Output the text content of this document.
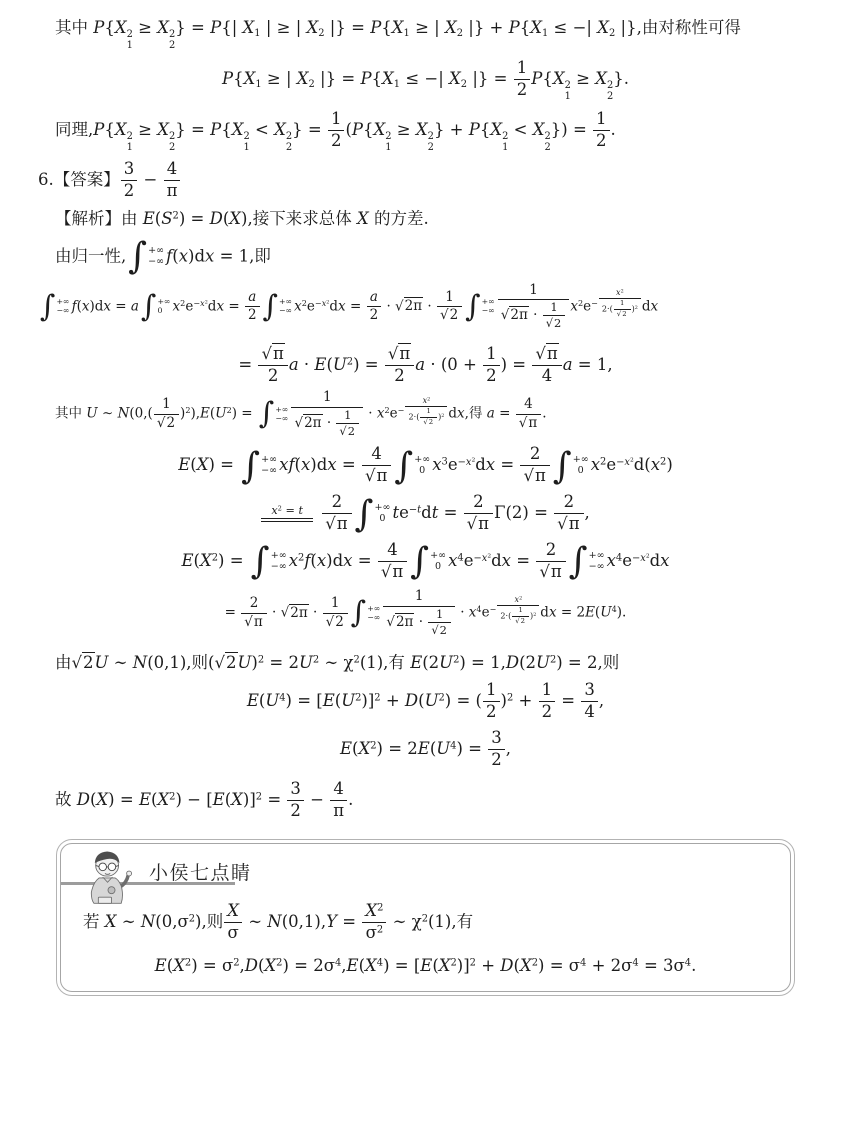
其中 P{X 2
1
≥ X 2
2
} = P{| $X_1$ | ≥ | $X_2$ |} = $P\{X_1$ ≥ | $X_2$ |} + $P\{X_1$ ≤ −| $X_2$ |},由对称性可得
$P\{X_1$ ≥ | $X_2$ |} = $P\{X_1$ ≤ −| $X_2$ |} = $\frac{1}{2} P\{X$ 2
1
≥ X 2
2
}.
同理,P{X 2
1
≥ X 2
2
} = P{X 2
1
< X 2
2
} = $\frac{1}{2} (P\{X$ 2
1
≥ X 2
2
} + P{X 2
1
< X 2
2
}) = $\frac{1}{2}$ .
6.【答案】 $\frac{3}{2} - \frac{4}{\pi}$
【解析】由 $E(S^2) = D(X)$,接下来求总体 X 的方差.
由归一性, ∫ +∞
−∞ f(x)dx = 1,即
∫ +∞
−∞ f(x)dx = a ∫ +∞
0 $x^2e^{-x^2}dx = \frac{a}{2}$ ∫ +∞
−∞ $x^2e^{-x^2}dx = \frac{a}{2} \cdot √2\pi \cdot \frac{1}{√2}$ ∫ +∞
−∞ $\frac{1}{√2\pi \cdot \frac{1}{√2}} x^2e^{- \frac{x^2}{2\cdot( \frac{1}{√2} )^2}}$ dx
= $\frac{√\pi}{2}$ $a \cdot E(U^2) = \frac{√\pi}{2}$ $a \cdot (0 + \frac{1}{2}$ ) = $\frac{√\pi}{4}$ a = 1,
其中 U ∼ $N(0,( \frac{1}{√2} )^2),E(U^2)$ = ∫ +∞
−∞ $\frac{1}{√2\pi \cdot \frac{1}{√2}} \cdot x^2e^{- \frac{x^2}{2\cdot( \frac{1}{√2} )^2}}$ dx,得 $a = \frac{4}{√\pi}$ .
E(X) = ∫ +∞
−∞ $xf(x)dx = \frac{4}{√\pi}$ ∫ +∞
0 $x^3e^{-x^2}dx = \frac{2}{√\pi}$ ∫ +∞
0 $x^2e^{-x^2}d(x^2)$
$x^2 = t \frac{2}{√\pi}$ ∫ +∞
0 $te^{-t}dt = \frac{2}{√\pi} \Gamma(2) = \frac{2}{√\pi}$ ,
$E(X^2)$ = ∫ +∞
−∞ $x^2f(x)dx = \frac{4}{√\pi}$ ∫ +∞
0 $x^4e^{-x^2}dx = \frac{2}{√\pi}$ ∫ +∞
−∞ $x^4e^{-x^2}dx$
= $\frac{2}{√\pi} \cdot √2\pi \cdot \frac{1}{√2}$ ∫ +∞
−∞ $\frac{1}{√2\pi \cdot \frac{1}{√2}} \cdot x^4e^{- \frac{x^2}{2\cdot( \frac{1}{√2} )^2}}$ dx = $2E(U^4)$.
由√2U ∼ N(0,1),则$(√2U)^2 = 2U^2$ ∼ $\chi^2(1)$,有 $E(2U^2) = 1,D(2U^2) = 2$,则
$E(U^4) = [E(U^2)]^2 + D(U^2)$ = ( $\frac{1}{2} )^2 + \frac{1}{2} = \frac{3}{4}$ ,
$E(X^2) = 2E(U^4) = \frac{3}{2}$ ,
故 $D(X) = E(X^2) - [E(X)]^2 = \frac{3}{2} - \frac{4}{\pi}$ .
小侯七点睛
若 X ∼ $N(0,\sigma^2)$,则 $\frac{X}{\sigma}$ ∼ $N(0,1),Y = \frac{X^2}{\sigma^2}$ ∼ $\chi^2(1)$,有
$E(X^2) = \sigma^2,D(X^2) = 2\sigma^4,E(X^4) = [E(X^2)]^2 + D(X^2) = \sigma^4 + 2\sigma^4 = 3\sigma^4$.
